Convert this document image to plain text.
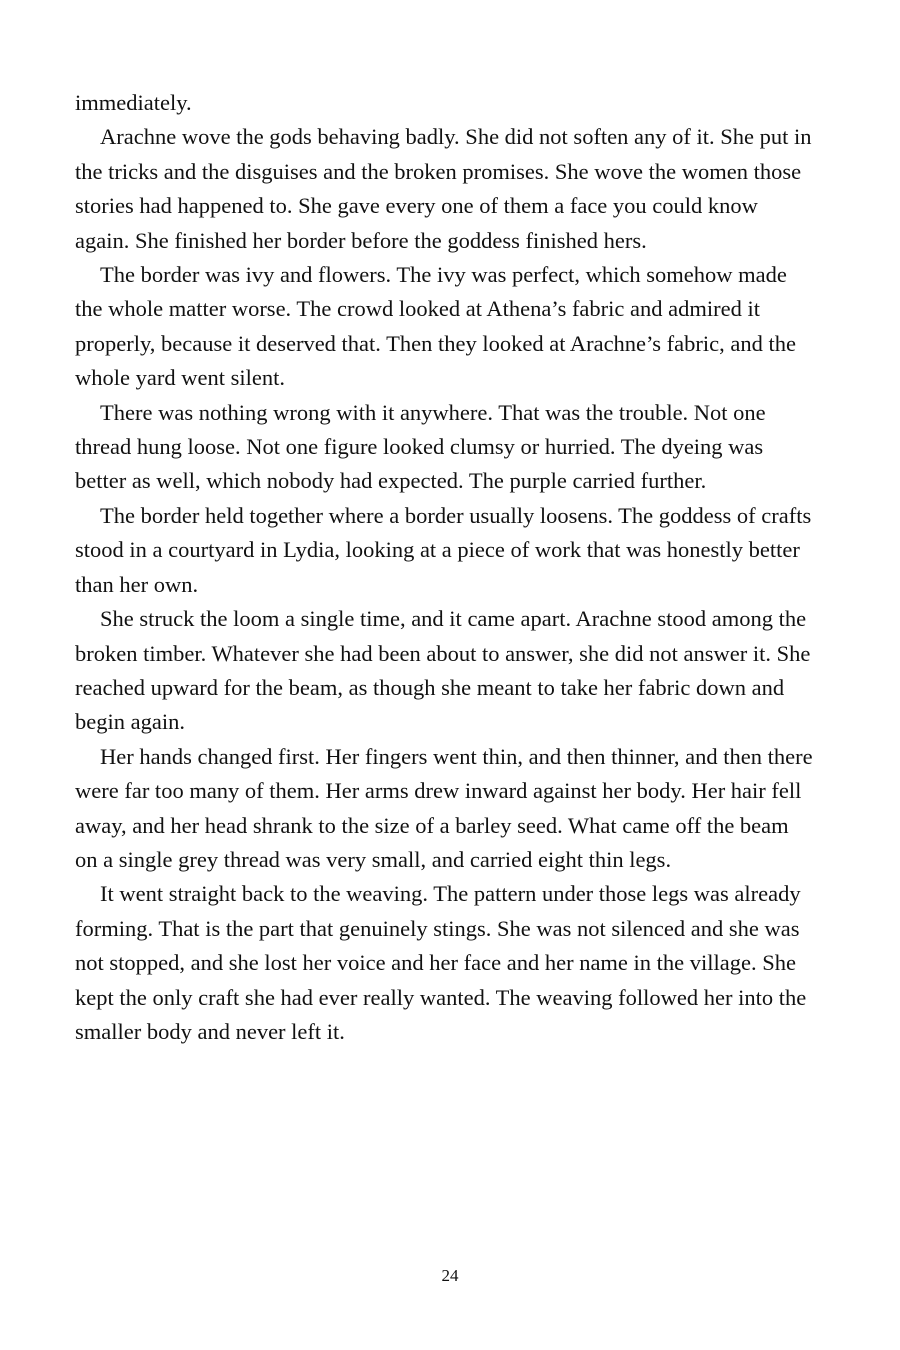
immediately.

Arachne wove the gods behaving badly. She did not soften any of it. She put in the tricks and the disguises and the broken promises. She wove the women those stories had happened to. She gave every one of them a face you could know again. She finished her border before the goddess finished hers.

The border was ivy and flowers. The ivy was perfect, which somehow made the whole matter worse. The crowd looked at Athena’s fabric and admired it properly, because it deserved that. Then they looked at Arachne’s fabric, and the whole yard went silent.

There was nothing wrong with it anywhere. That was the trouble. Not one thread hung loose. Not one figure looked clumsy or hurried. The dyeing was better as well, which nobody had expected. The purple carried further.

The border held together where a border usually loosens. The goddess of crafts stood in a courtyard in Lydia, looking at a piece of work that was honestly better than her own.

She struck the loom a single time, and it came apart. Arachne stood among the broken timber. Whatever she had been about to answer, she did not answer it. She reached upward for the beam, as though she meant to take her fabric down and begin again.

Her hands changed first. Her fingers went thin, and then thinner, and then there were far too many of them. Her arms drew inward against her body. Her hair fell away, and her head shrank to the size of a barley seed. What came off the beam on a single grey thread was very small, and carried eight thin legs.

It went straight back to the weaving. The pattern under those legs was already forming. That is the part that genuinely stings. She was not silenced and she was not stopped, and she lost her voice and her face and her name in the village. She kept the only craft she had ever really wanted. The weaving followed her into the smaller body and never left it.

24
